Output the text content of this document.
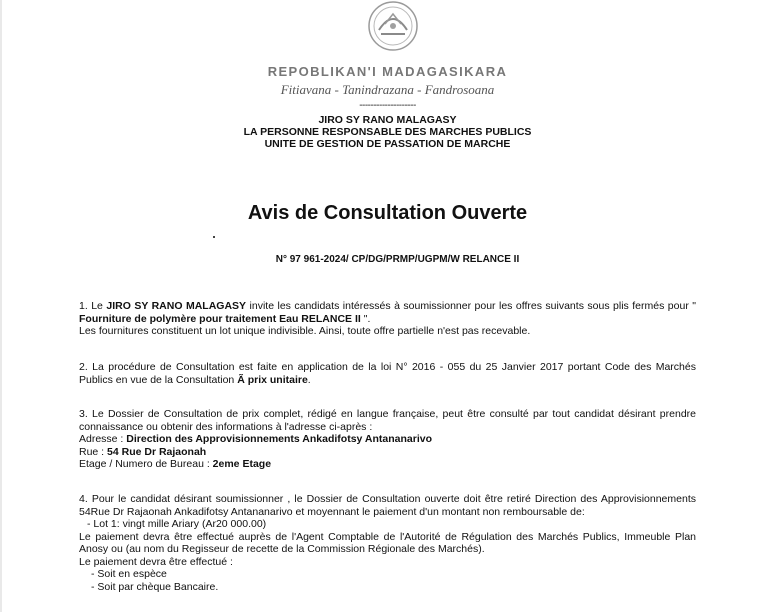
REPOBLIKAN'I MADAGASIKARA
Fitiavana - Tanindrazana - Fandrosoana
--------------------
JIRO SY RANO MALAGASY
LA PERSONNE RESPONSABLE DES MARCHES PUBLICS
UNITE DE GESTION DE PASSATION DE MARCHE
Avis de Consultation Ouverte
N° 97 961-2024/ CP/DG/PRMP/UGPM/W RELANCE II

1. Le JIRO SY RANO MALAGASY invite les candidats intéressés à soumissionner pour les offres suivants sous plis fermés pour " Fourniture de polymère pour traitement Eau RELANCE II ".

Les fournitures constituent un lot unique indivisible. Ainsi, toute offre partielle n'est pas recevable.

2. La procédure de Consultation est faite en application de la loi N° 2016 - 055 du 25 Janvier 2017 portant Code des Marchés Publics en vue de la Consultation Ã prix unitaire.

3. Le Dossier de Consultation de prix complet, rédigé en langue française, peut être consulté par tout candidat désirant prendre connaissance ou obtenir des informations à l'adresse ci-après :

Adresse : Direction des Approvisionnements Ankadifotsy Antananarivo

Rue : 54 Rue Dr Rajaonah

Etage / Numero de Bureau : 2eme Etage

4. Pour le candidat désirant soumissionner , le Dossier de Consultation ouverte doit être retiré Direction des Approvisionnements 54Rue Dr Rajaonah Ankadifotsy Antananarivo et moyennant le paiement d'un montant non remboursable de:

- Lot 1: vingt mille Ariary (Ar20 000.00)

Le paiement devra être effectué auprès de l'Agent Comptable de l'Autorité de Régulation des Marchés Publics, Immeuble Plan Anosy ou (au nom du Regisseur de recette de la Commission Régionale des Marchés).

Le paiement devra être effectué :

- Soit en espèce

- Soit par chèque Bancaire.
